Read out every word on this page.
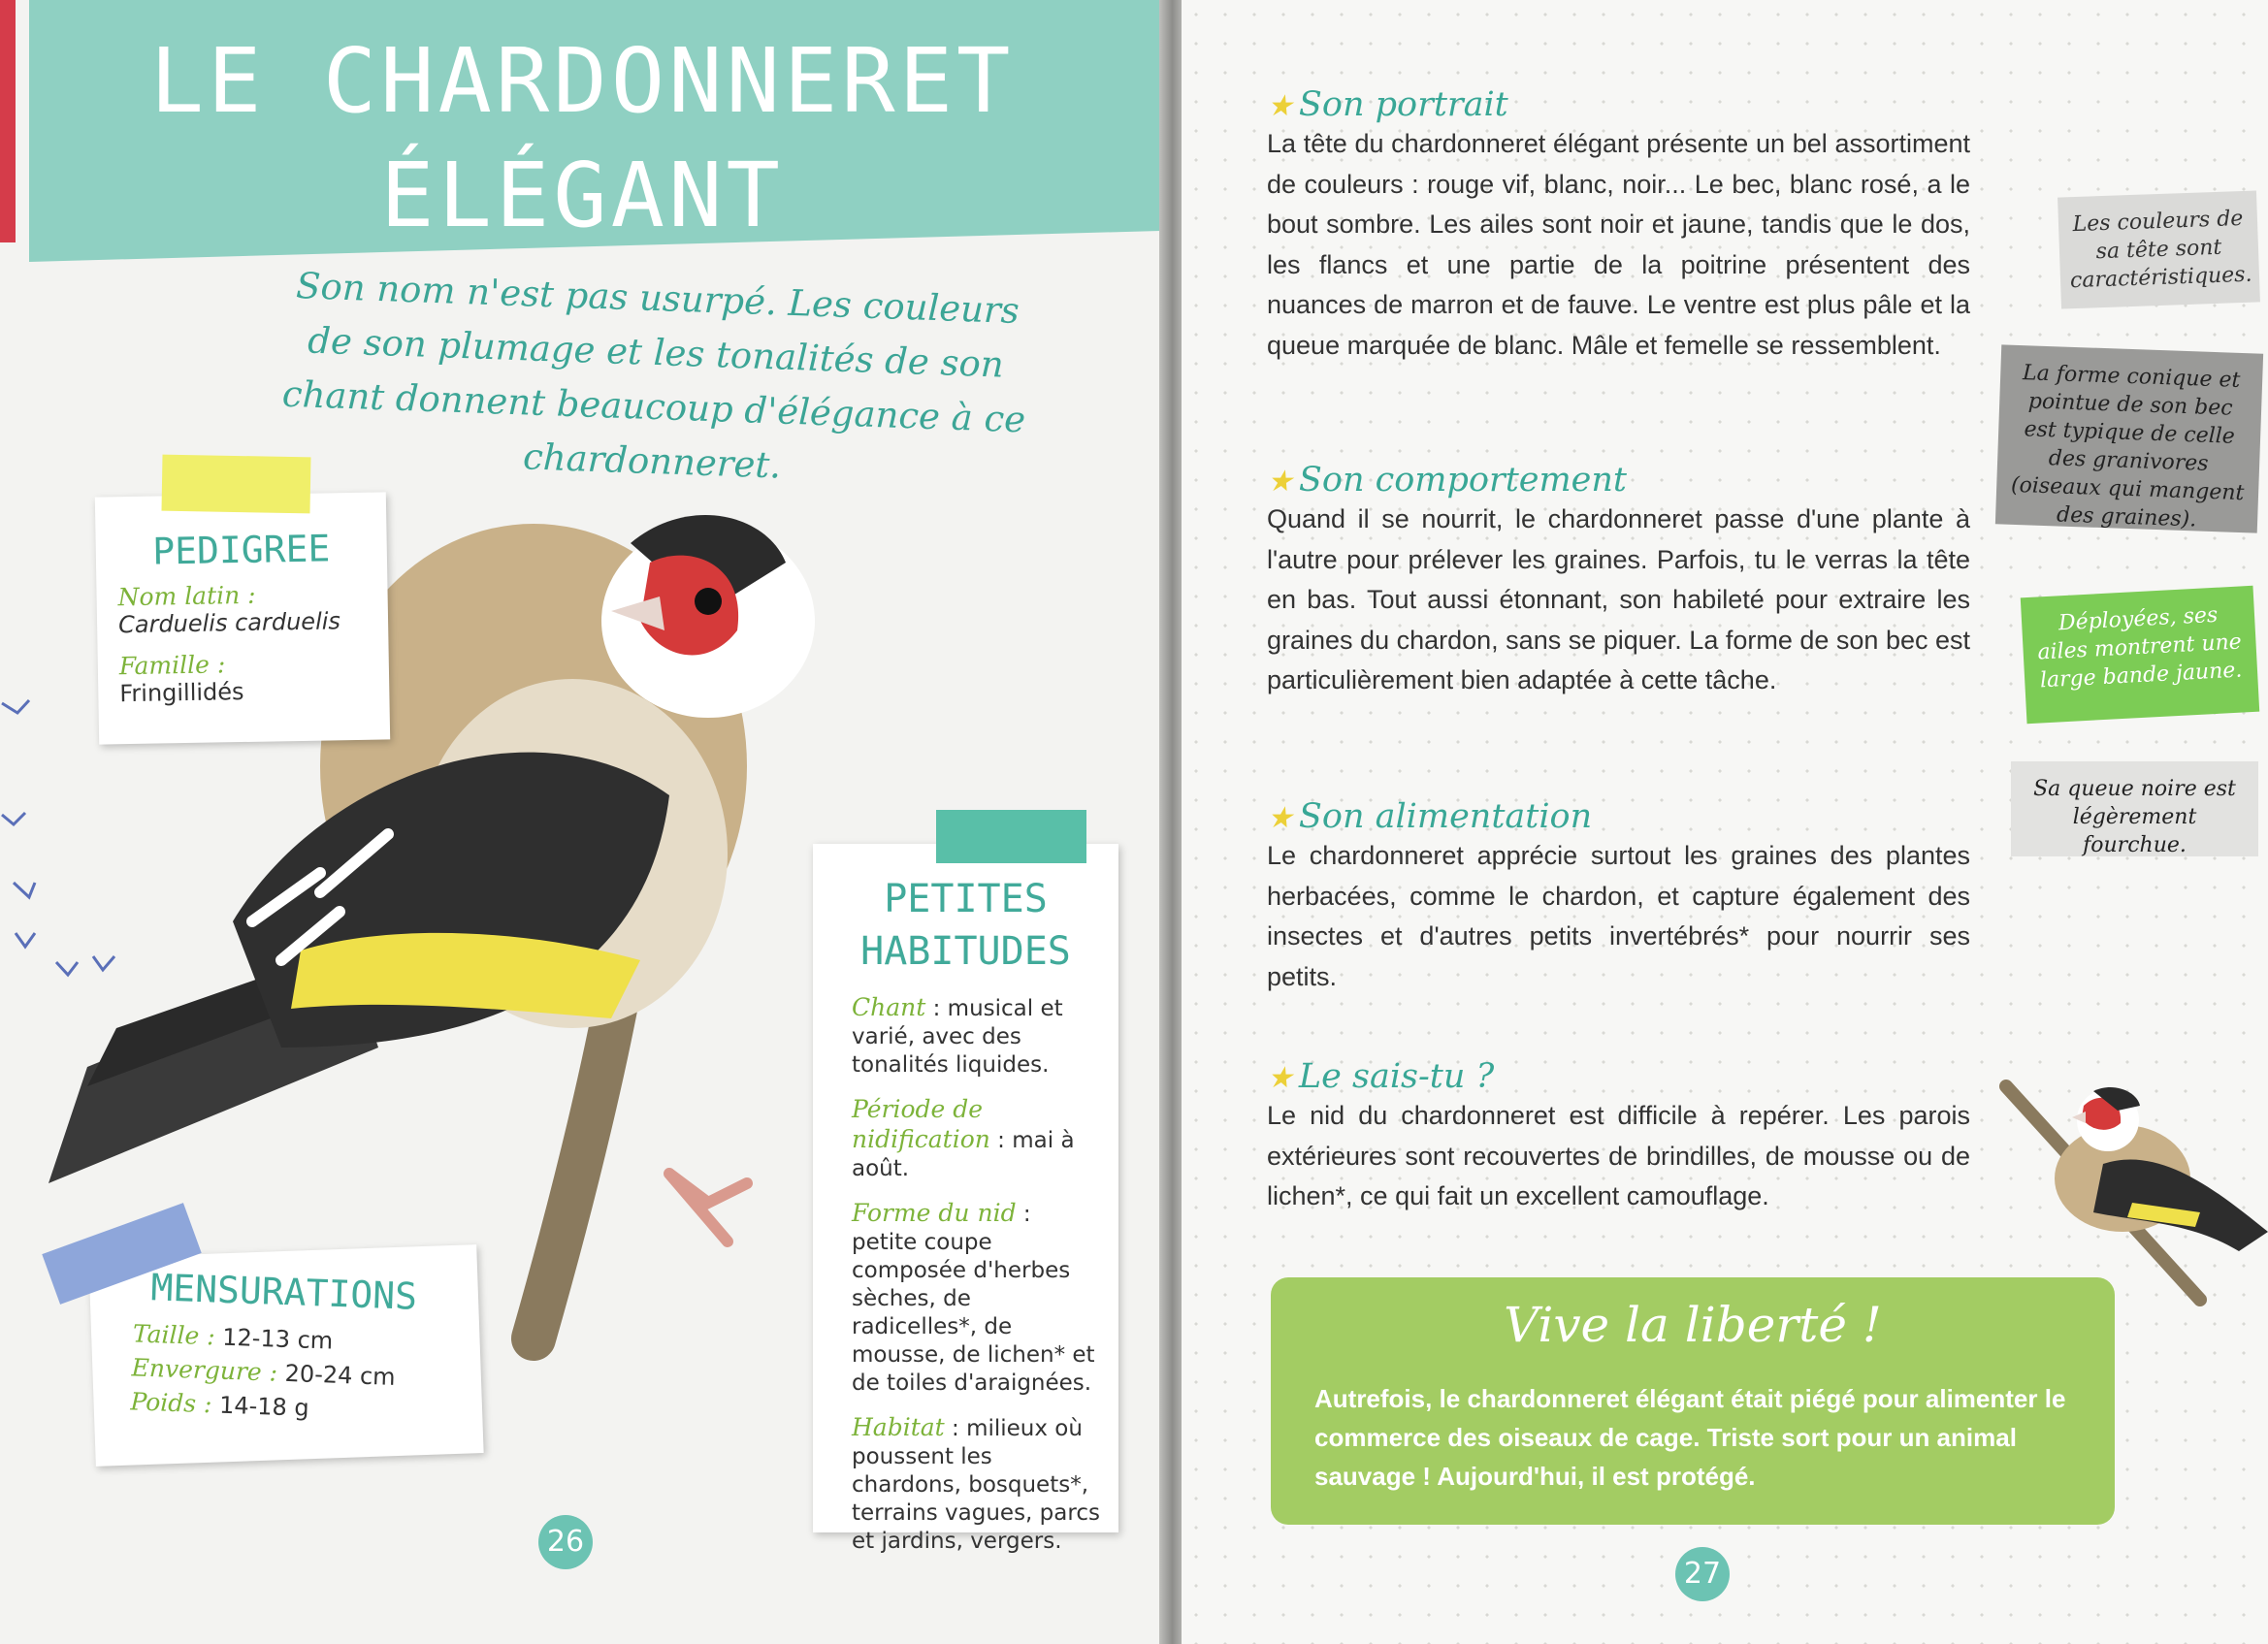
LE CHARDONNERET
ÉLÉGANT
Son nom n'est pas usurpé. Les couleurs de son plumage et les tonalités de son chant donnent beaucoup d'élégance à ce chardonneret.
PEDIGREE
Nom latin :
Carduelis carduelis
Famille :
Fringillidés
PETITES
HABITUDES
Chant : musical et varié, avec des tonalités liquides.
Période de nidification : mai à août.
Forme du nid : petite coupe composée d'herbes sèches, de radicelles*, de mousse, de lichen* et de toiles d'araignées.
Habitat : milieux où poussent les chardons, bosquets*, terrains vagues, parcs et jardins, vergers.
MENSURATIONS
Taille : 12-13 cm
Envergure : 20-24 cm
Poids : 14-18 g
26
★ Son portrait
La tête du chardonneret élégant présente un bel assortiment de couleurs : rouge vif, blanc, noir... Le bec, blanc rosé, a le bout sombre. Les ailes sont noir et jaune, tandis que le dos, les flancs et une partie de la poitrine présentent des nuances de marron et de fauve. Le ventre est plus pâle et la queue marquée de blanc. Mâle et femelle se ressemblent.
★ Son comportement
Quand il se nourrit, le chardonneret passe d'une plante à l'autre pour prélever les graines. Parfois, tu le verras la tête en bas. Tout aussi étonnant, son habileté pour extraire les graines du chardon, sans se piquer. La forme de son bec est particulièrement bien adaptée à cette tâche.
★ Son alimentation
Le chardonneret apprécie surtout les graines des plantes herbacées, comme le chardon, et capture également des insectes et d'autres petits invertébrés* pour nourrir ses petits.
★ Le sais-tu ?
Le nid du chardonneret est difficile à repérer. Les parois extérieures sont recouvertes de brindilles, de mousse ou de lichen*, ce qui fait un excellent camouflage.
Les couleurs de sa tête sont caractéristiques.
La forme conique et pointue de son bec est typique de celle des granivores (oiseaux qui mangent des graines).
Déployées, ses ailes montrent une large bande jaune.
Sa queue noire est légèrement fourchue.
Vive la liberté !
Autrefois, le chardonneret élégant était piégé pour alimenter le commerce des oiseaux de cage. Triste sort pour un animal sauvage ! Aujourd'hui, il est protégé.
27
